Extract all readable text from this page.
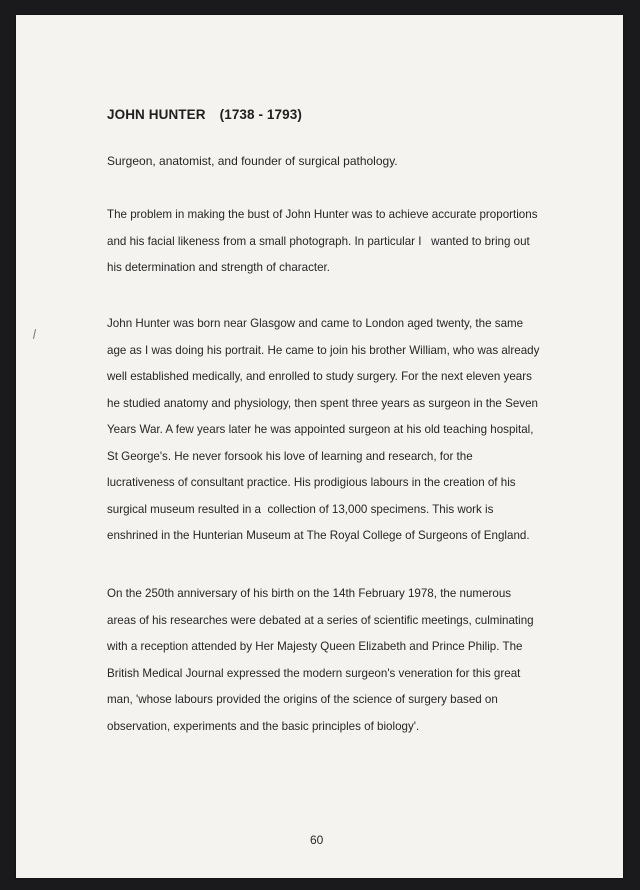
JOHN HUNTER (1738 - 1793)
Surgeon, anatomist, and founder of surgical pathology.
The problem in making the bust of John Hunter was to achieve accurate proportions
and his facial likeness from a small photograph. In particular I   wanted to bring out
his determination and strength of character.
John Hunter was born near Glasgow and came to London aged twenty, the same
age as I was doing his portrait. He came to join his brother William, who was already
well established medically, and enrolled to study surgery. For the next eleven years
he studied anatomy and physiology, then spent three years as surgeon in the Seven
Years War. A few years later he was appointed surgeon at his old teaching hospital,
St George's. He never forsook his love of learning and research, for the
lucrativeness of consultant practice. His prodigious labours in the creation of his
surgical museum resulted in a  collection of 13,000 specimens. This work is
enshrined in the Hunterian Museum at The Royal College of Surgeons of England.
On the 250th anniversary of his birth on the 14th February 1978, the numerous
areas of his researches were debated at a series of scientific meetings, culminating
with a reception attended by Her Majesty Queen Elizabeth and Prince Philip. The
British Medical Journal expressed the modern surgeon's veneration for this great
man, 'whose labours provided the origins of the science of surgery based on
observation, experiments and the basic principles of biology'.
60
